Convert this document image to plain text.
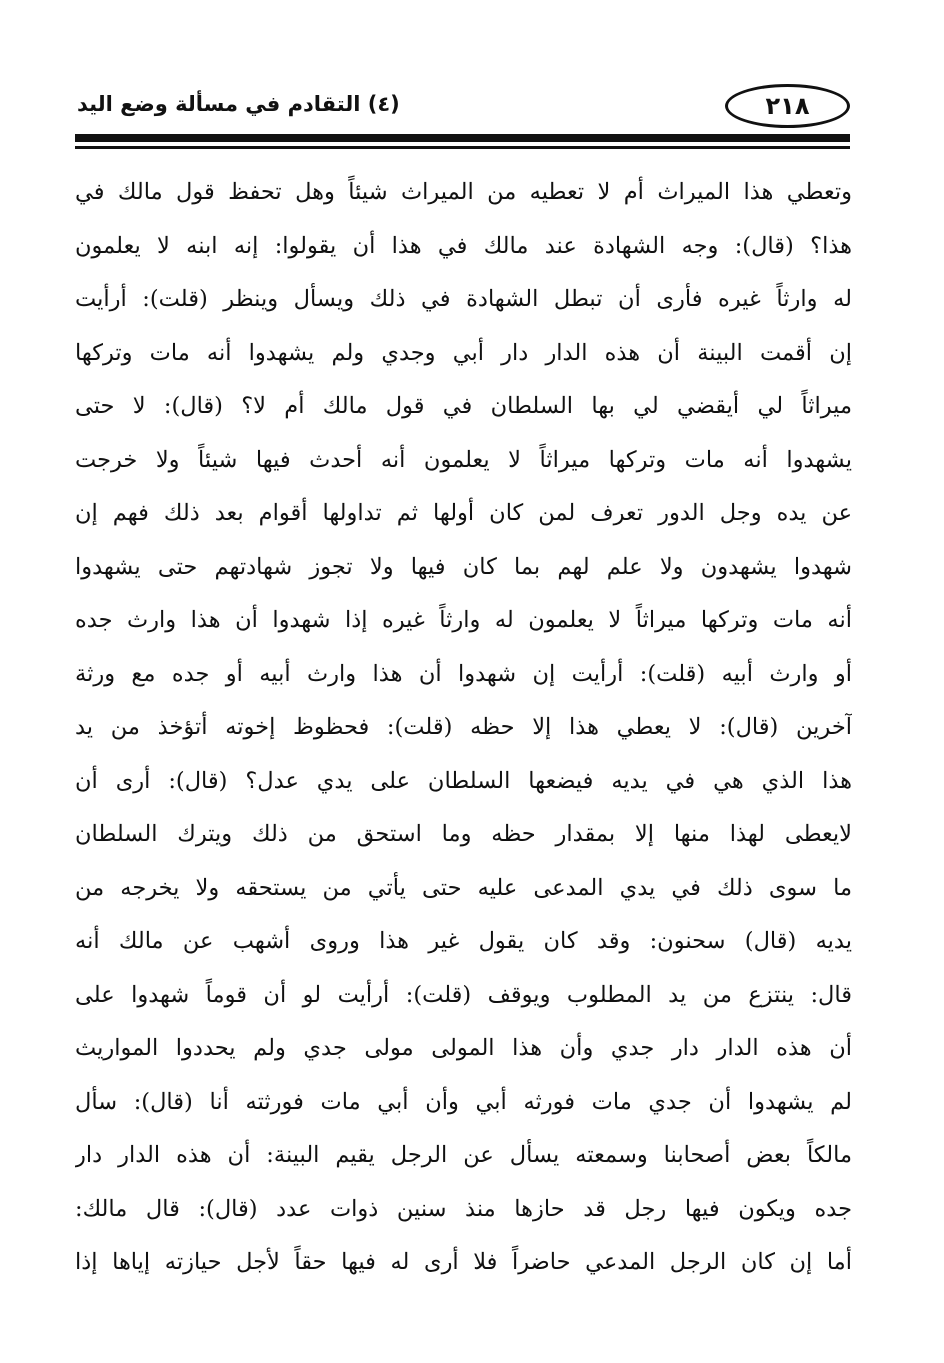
٢١٨
(٤) التقادم في مسألة وضع اليد
وتعطي هذا الميراث أم لا تعطيه من الميراث شيئاً وهل تحفظ قول مالك في
هذا؟ (قال): وجه الشهادة عند مالك في هذا أن يقولوا: إنه ابنه لا يعلمون
له وارثاً غيره فأرى أن تبطل الشهادة في ذلك ويسأل وينظر (قلت): أرأيت
إن أقمت البينة أن هذه الدار دار أبي وجدي ولم يشهدوا أنه مات وتركها
ميراثاً لي أيقضي لي بها السلطان في قول مالك أم لا؟ (قال): لا حتى
يشهدوا أنه مات وتركها ميراثاً لا يعلمون أنه أحدث فيها شيئاً ولا خرجت
عن يده وجل الدور تعرف لمن كان أولها ثم تداولها أقوام بعد ذلك فهم إن
شهدوا يشهدون ولا علم لهم بما كان فيها ولا تجوز شهادتهم حتى يشهدوا
أنه مات وتركها ميراثاً لا يعلمون له وارثاً غيره إذا شهدوا أن هذا وارث جده
أو وارث أبيه (قلت): أرأيت إن شهدوا أن هذا وارث أبيه أو جده مع ورثة
آخرين (قال): لا يعطي هذا إلا حظه (قلت): فحظوظ إخوته أتؤخذ من يد
هذا الذي هي في يديه فيضعها السلطان على يدي عدل؟ (قال): أرى أن
لايعطى لهذا منها إلا بمقدار حظه وما استحق من ذلك ويترك السلطان
ما سوى ذلك في يدي المدعى عليه حتى يأتي من يستحقه ولا يخرجه من
يديه (قال) سحنون: وقد كان يقول غير هذا وروى أشهب عن مالك أنه
قال: ينتزع من يد المطلوب ويوقف (قلت): أرأيت لو أن قوماً شهدوا على
أن هذه الدار دار جدي وأن هذا المولى مولى جدي ولم يحددوا المواريث
لم يشهدوا أن جدي مات فورثه أبي وأن أبي مات فورثته أنا (قال): سأل
مالكاً بعض أصحابنا وسمعته يسأل عن الرجل يقيم البينة: أن هذه الدار دار
جده ويكون فيها رجل قد حازها منذ سنين ذوات عدد (قال): قال مالك:
أما إن كان الرجل المدعي حاضراً فلا أرى له فيها حقاً لأجل حيازته إياها إذا
